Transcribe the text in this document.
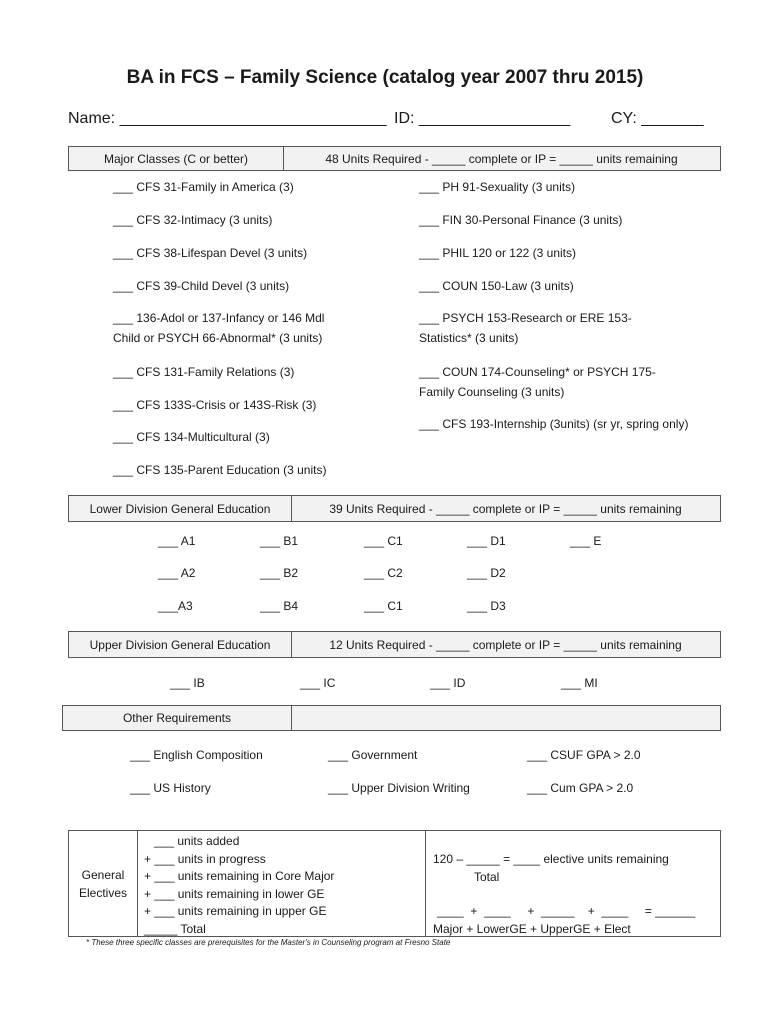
BA in FCS – Family Science (catalog year 2007 thru 2015)
Name: ______________________________ ID: _________________	CY: _______
Major Classes (C or better)	48 Units Required - _____ complete or IP = _____ units remaining
___ CFS 31-Family in America (3)
___ CFS 32-Intimacy (3 units)
___ CFS 38-Lifespan Devel (3 units)
___ CFS 39-Child Devel (3 units)
___ 136-Adol or 137-Infancy or 146 Mdl Child or PSYCH 66-Abnormal* (3 units)
___ CFS 131-Family Relations (3)
___ CFS 133S-Crisis or 143S-Risk (3)
___ CFS 134-Multicultural (3)
___ CFS 135-Parent Education (3 units)
___ PH 91-Sexuality (3 units)
___ FIN 30-Personal Finance (3 units)
___ PHIL 120 or 122 (3 units)
___ COUN 150-Law (3 units)
___ PSYCH 153-Research or ERE 153-Statistics* (3 units)
___ COUN 174-Counseling* or PSYCH 175-Family Counseling (3 units)
___ CFS 193-Internship (3units) (sr yr, spring only)
Lower Division General Education	39 Units Required - _____ complete or IP = _____ units remaining
___ A1	___ B1	___ C1	___ D1	___ E
___ A2	___ B2	___ C2	___ D2
___A3	___ B4	___ C1	___ D3
Upper Division General Education	12 Units Required - _____ complete or IP = _____ units remaining
___ IB	___ IC	___ ID	___ MI
Other Requirements
___ English Composition	___ Government	___ CSUF GPA > 2.0
___ US History	___ Upper Division Writing	___ Cum GPA > 2.0
General
Electives
___ units added
+ ___ units in progress
+ ___ units remaining in Core Major
+ ___ units remaining in lower GE
+ ___ units remaining in upper GE
_____ Total
120 – _____ = ____ elective units remaining
Total
____  +  ____     +  _____    +  ____     = ______
Major + LowerGE + UpperGE + Elect
* These three specific classes are prerequisites for the Master's in Counseling program at Fresno State
